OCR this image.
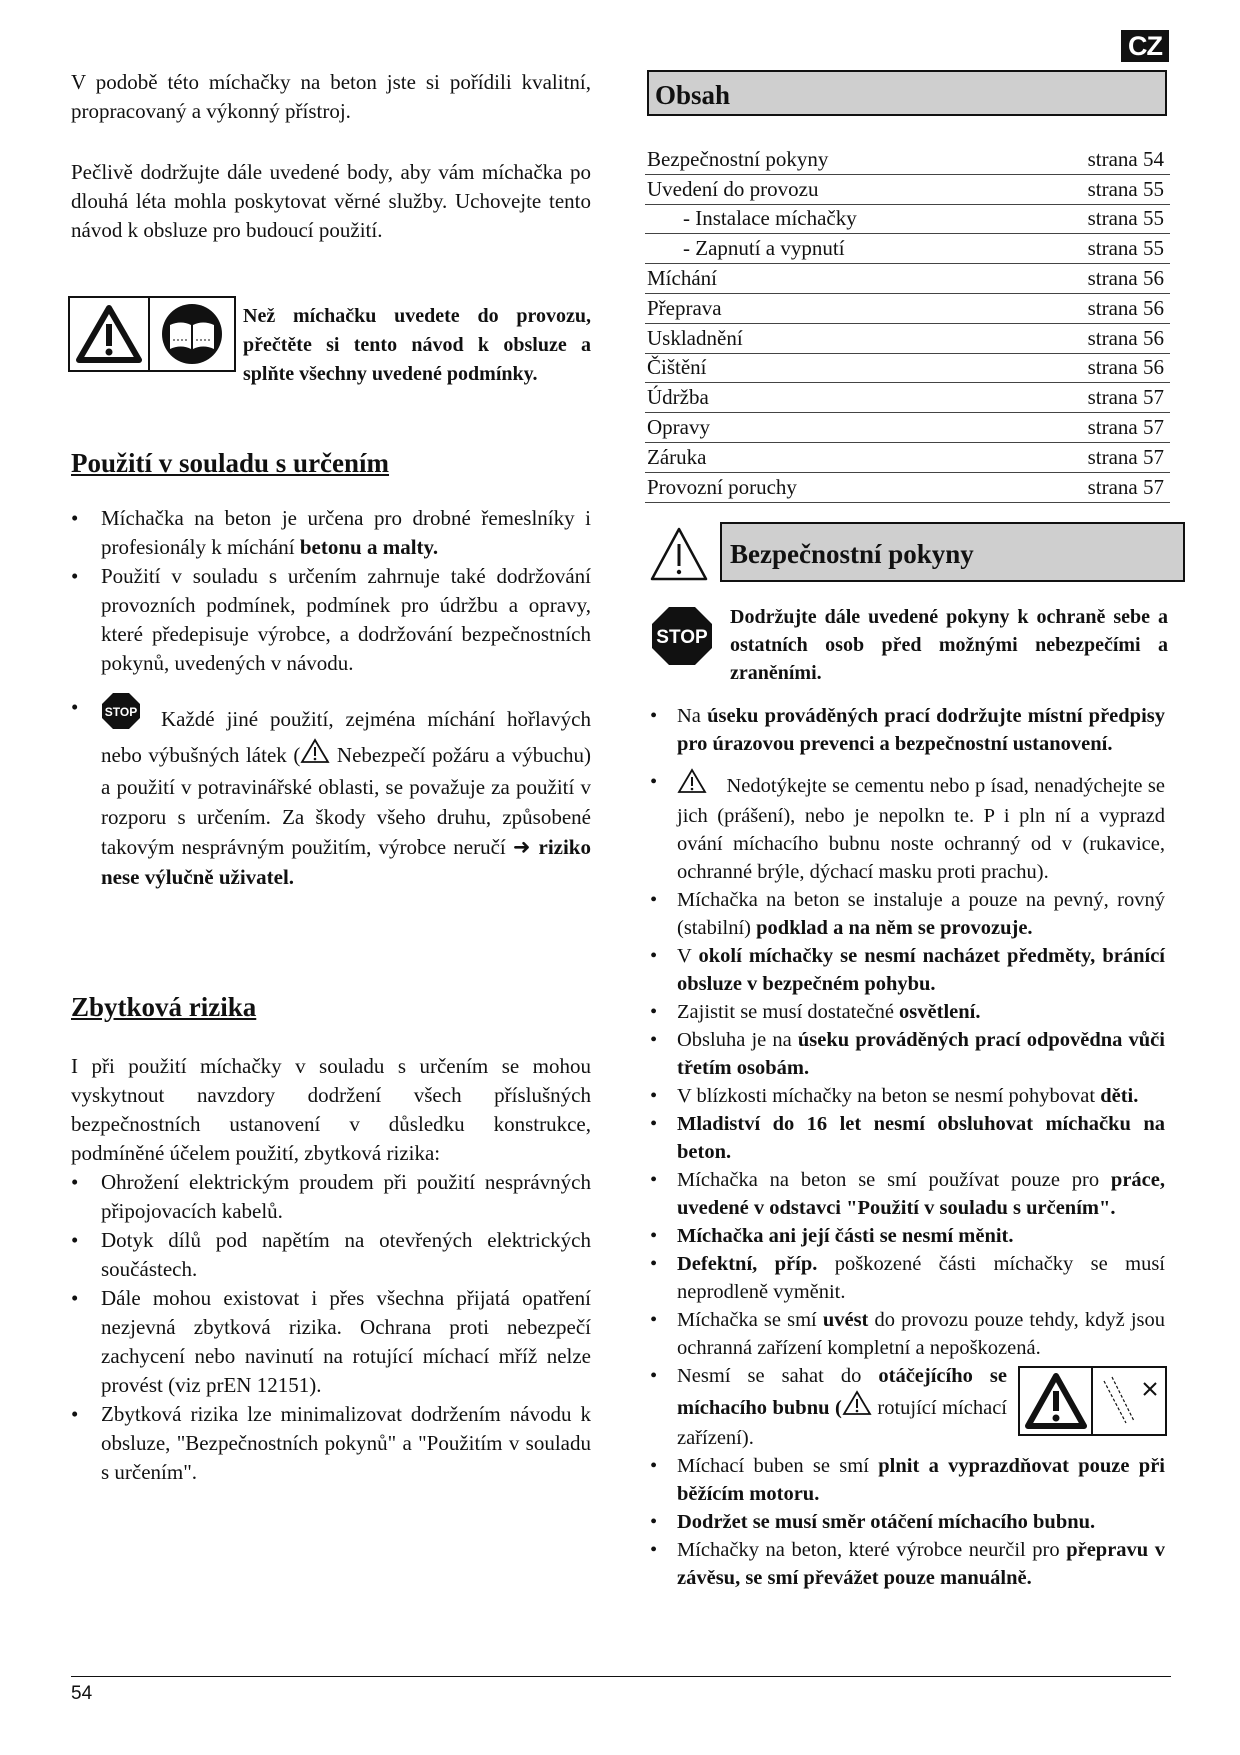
CZ

V podobě této míchačky na beton jste si pořídili kvalitní, propracovaný a výkonný přístroj.

Pečlivě dodržujte dále uvedené body, aby vám míchačka po dlouhá léta mohla poskytovat věrné služby. Uchovejte tento návod k obsluze pro budoucí použití.

Než míchačku uvedete do provozu, přečtěte si tento návod k obsluze a splňte všechny uvedené podmínky.

Použití v souladu s určením
• Míchačka na beton je určena pro drobné řemeslníky i profesionály k míchání betonu a malty.
• Použití v souladu s určením zahrnuje také dodržování provozních podmínek, podmínek pro údržbu a opravy, které předepisuje výrobce, a dodržování bezpečnostních pokynů, uvedených v návodu.
• STOP Každé jiné použití, zejména míchání hořlavých nebo výbušných látek ( Nebezpečí požáru a výbuchu) a použití v potravinářské oblasti, se považuje za použití v rozporu s určením. Za škody všeho druhu, způsobené takovým nesprávným použitím, výrobce neručí ➜ riziko nese výlučně uživatel.
Zbytková rizika

I při použití míchačky v souladu s určením se mohou vyskytnout navzdory dodržení všech příslušných bezpečnostních ustanovení v důsledku konstrukce, podmíněné účelem použití, zbytková rizika:

• Ohrožení elektrickým proudem při použití nesprávných připojovacích kabelů.
• Dotyk dílů pod napětím na otevřených elektrických součástech.
• Dále mohou existovat i přes všechna přijatá opatření nezjevná zbytková rizika. Ochrana proti nebezpečí zachycení nebo navinutí na rotující míchací mříž nelze provést (viz prEN 12151).
• Zbytková rizika lze minimalizovat dodržením návodu k obsluze, "Bezpečnostních pokynů" a "Použitím v souladu s určením".
Obsah
Bezpečnostní pokyny	strana 54
Uvedení do provozu	strana 55
- Instalace míchačky	strana 55
- Zapnutí a vypnutí	strana 55
Míchání	strana 56
Přeprava	strana 56
Uskladnění	strana 56
Čištění	strana 56
Údržba	strana 57
Opravy	strana 57
Záruka	strana 57
Provozní poruchy	strana 57
Bezpečnostní pokyny
STOP

Dodržujte dále uvedené pokyny k ochraně sebe a ostatních osob před možnými nebezpečími a zraněními.

• Na úseku prováděných prací dodržujte místní předpisy pro úrazovou prevenci a bezpečnostní ustanovení.
• Nedotýkejte se cementu nebo p ísad, nenadýchejte se jich (prášení), nebo je nepolkn te. P i pln ní a vyprazd ování míchacího bubnu noste ochranný od v (rukavice, ochranné brýle, dýchací masku proti prachu).
• Míchačka na beton se instaluje a pouze na pevný, rovný (stabilní) podklad a na něm se provozuje.
• V okolí míchačky se nesmí nacházet předměty, bránící obsluze v bezpečném pohybu.
• Zajistit se musí dostatečné osvětlení.
• Obsluha je na úseku prováděných prací odpovědna vůči třetím osobám.
• V blízkosti míchačky na beton se nesmí pohybovat děti.
• Mladiství do 16 let nesmí obsluhovat míchačku na beton.
• Míchačka na beton se smí používat pouze pro práce, uvedené v odstavci "Použití v souladu s určením".
• Míchačka ani její části se nesmí měnit.
• Defektní, příp. poškozené části míchačky se musí neprodleně vyměnit.
• Míchačka se smí uvést do provozu pouze tehdy, když jsou ochranná zařízení kompletní a nepoškozená.
• Nesmí se sahat do otáčejícího se míchacího bubnu ( rotující míchací zařízení).
• Míchací buben se smí plnit a vyprazdňovat pouze při běžícím motoru.
• Dodržet se musí směr otáčení míchacího bubnu.
• Míchačky na beton, které výrobce neurčil pro přepravu v závěsu, se smí převážet pouze manuálně.
54
